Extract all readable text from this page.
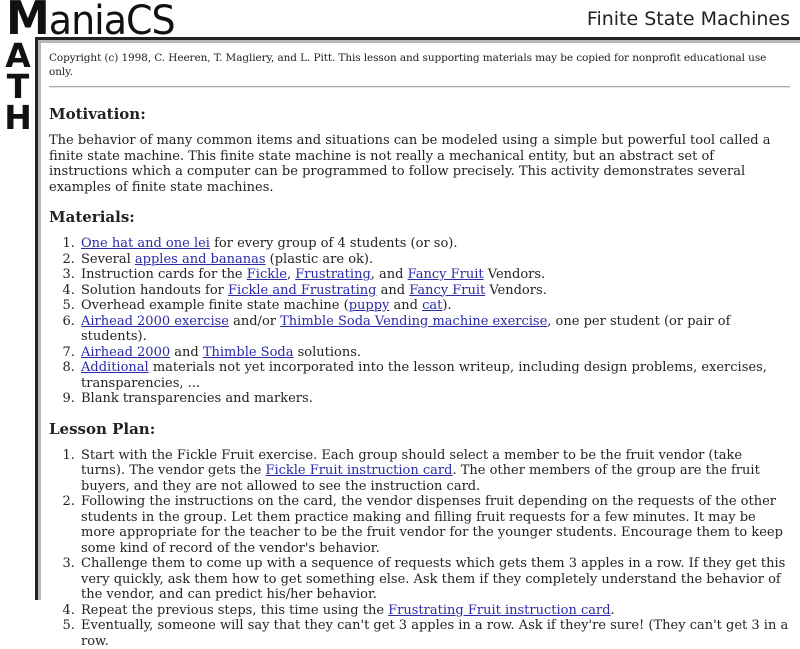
ManiaCS
A
T
H
Finite State Machines
Copyright (c) 1998, C. Heeren, T. Magliery, and L. Pitt. This lesson and supporting materials may be copied for nonprofit educational use only.
Motivation:

The behavior of many common items and situations can be modeled using a simple but powerful tool called a finite state machine. This finite state machine is not really a mechanical entity, but an abstract set of instructions which a computer can be programmed to follow precisely. This activity demonstrates several examples of finite state machines.

Materials:
1. One hat and one lei for every group of 4 students (or so).
2. Several apples and bananas (plastic are ok).
3. Instruction cards for the Fickle, Frustrating, and Fancy Fruit Vendors.
4. Solution handouts for Fickle and Frustrating and Fancy Fruit Vendors.
5. Overhead example finite state machine (puppy and cat).
6. Airhead 2000 exercise and/or Thimble Soda Vending machine exercise, one per student (or pair of students).
7. Airhead 2000 and Thimble Soda solutions.
8. Additional materials not yet incorporated into the lesson writeup, including design problems, exercises, transparencies, ...
9. Blank transparencies and markers.
Lesson Plan:
1. Start with the Fickle Fruit exercise. Each group should select a member to be the fruit vendor (take turns). The vendor gets the Fickle Fruit instruction card. The other members of the group are the fruit buyers, and they are not allowed to see the instruction card.
2. Following the instructions on the card, the vendor dispenses fruit depending on the requests of the other students in the group. Let them practice making and filling fruit requests for a few minutes. It may be more appropriate for the teacher to be the fruit vendor for the younger students. Encourage them to keep some kind of record of the vendor's behavior.
3. Challenge them to come up with a sequence of requests which gets them 3 apples in a row. If they get this very quickly, ask them how to get something else. Ask them if they completely understand the behavior of the vendor, and can predict his/her behavior.
4. Repeat the previous steps, this time using the Frustrating Fruit instruction card.
5. Eventually, someone will say that they can't get 3 apples in a row. Ask if they're sure! (They can't get 3 in a row.
